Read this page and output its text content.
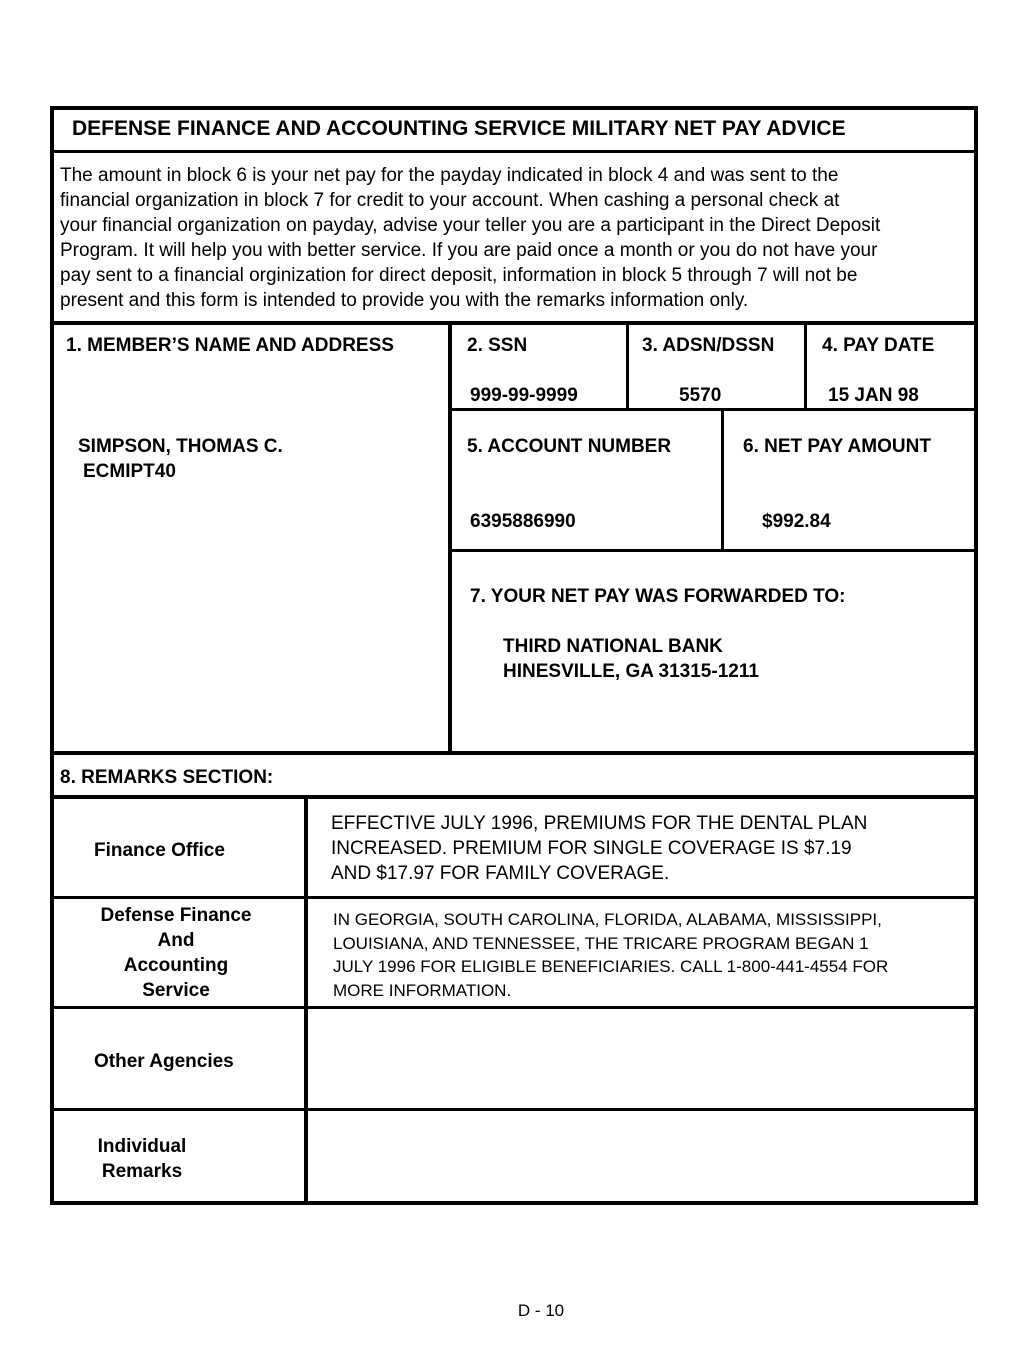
DEFENSE FINANCE AND ACCOUNTING SERVICE MILITARY NET PAY ADVICE
The amount in block 6 is your net pay for the payday indicated in block 4 and was sent to the
financial organization in block 7 for credit to your account. When cashing a personal check at
your financial organization on payday, advise your teller you are a participant in the Direct Deposit
Program. It will help you with better service. If you are paid once a month or you do not have your
pay sent to a financial orginization for direct deposit, information in block 5 through 7 will not be
present and this form is intended to provide you with the remarks information only.
1. MEMBER’S NAME AND ADDRESS
SIMPSON, THOMAS C.
ECMIPT40
2. SSN
999-99-9999
3. ADSN/DSSN
5570
4. PAY DATE
15 JAN 98
5. ACCOUNT NUMBER
6395886990
6. NET PAY AMOUNT
$992.84
7. YOUR NET PAY WAS FORWARDED TO:
THIRD NATIONAL BANK
HINESVILLE, GA 31315-1211
8. REMARKS SECTION:
Finance Office
EFFECTIVE JULY 1996, PREMIUMS FOR THE DENTAL PLAN
INCREASED. PREMIUM FOR SINGLE COVERAGE IS $7.19
AND $17.97 FOR FAMILY COVERAGE.
Defense Finance
And
Accounting
Service
IN GEORGIA, SOUTH CAROLINA, FLORIDA, ALABAMA, MISSISSIPPI,
LOUISIANA, AND TENNESSEE, THE TRICARE PROGRAM BEGAN 1
JULY 1996 FOR ELIGIBLE BENEFICIARIES. CALL 1-800-441-4554 FOR
MORE INFORMATION.
Other Agencies
Individual
Remarks
D - 10
